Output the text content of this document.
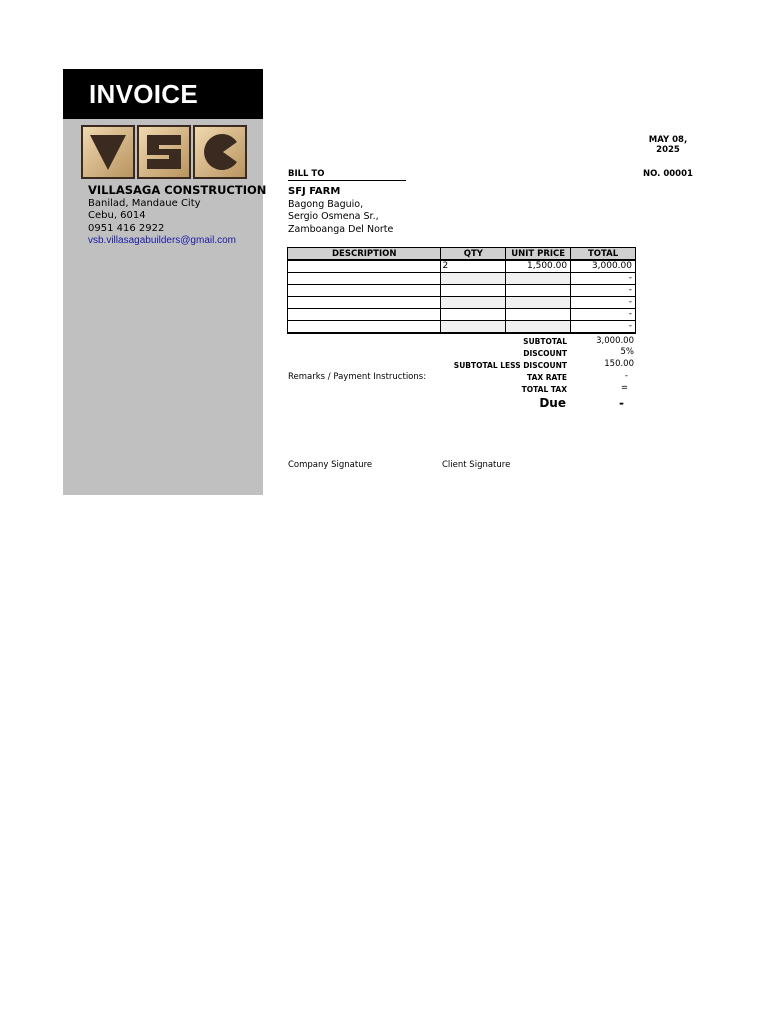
INVOICE
VILLASAGA CONSTRUCTION
Banilad, Mandaue City
Cebu, 6014
0951 416 2922
vsb.villasagabuilders@gmail.com
MAY 08,
2025
NO. 00001
BILL TO
SFJ FARM
Bagong Baguio,
Sergio Osmena Sr.,
Zamboanga Del Norte
DESCRIPTION	QTY	UNIT PRICE	TOTAL
	2	1,500.00	3,000.00
			-
			-
			-
			-
			-
SUBTOTAL	3,000.00
DISCOUNT	5%
SUBTOTAL LESS DISCOUNT	150.00
TAX RATE	-
TOTAL TAX	=
Due	-
Remarks / Payment Instructions:
Company Signature	Client Signature
